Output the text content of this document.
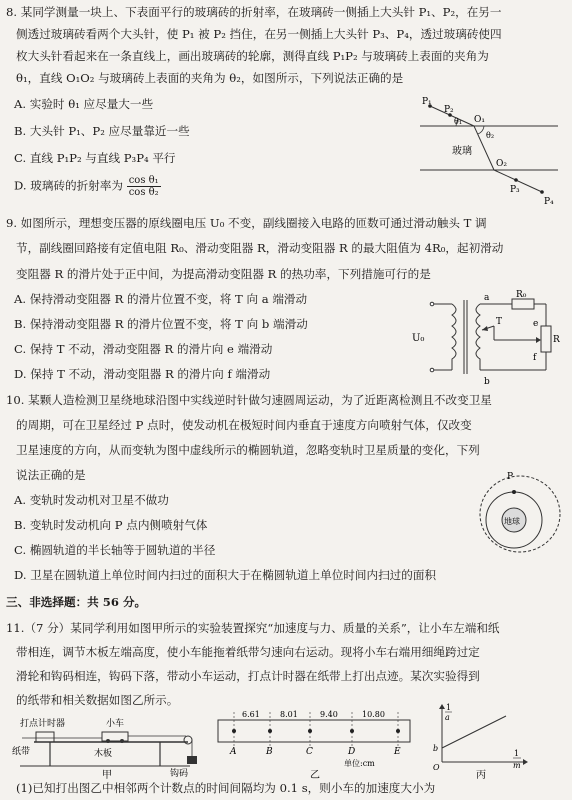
8. 某同学测量一块上、下表面平行的玻璃砖的折射率，在玻璃砖一侧插上大头针 P₁、P₂，在另一
侧透过玻璃砖看两个大头针，使 P₁ 被 P₂ 挡住，在另一侧插上大头针 P₃、P₄，透过玻璃砖使四
枚大头针看起来在一条直线上，画出玻璃砖的轮廓，测得直线 P₁P₂ 与玻璃砖上表面的夹角为
θ₁，直线 O₁O₂ 与玻璃砖上表面的夹角为 θ₂，如图所示，下列说法正确的是
A. 实验时 θ₁ 应尽量大一些
B. 大头针 P₁、P₂ 应尽量靠近一些
C. 直线 P₁P₂ 与直线 P₃P₄ 平行
D. 玻璃砖的折射率为 $\frac{\text{cos θ₁}}{\text{cos θ₂}}$
P₁
P₂
θ₁ O₁
θ₂
玻璃
O₂
P₃
P₄
9. 如图所示，理想变压器的原线圈电压 U₀ 不变，副线圈接入电路的匝数可通过滑动触头 T 调
节，副线圈回路接有定值电阻 R₀、滑动变阻器 R，滑动变阻器 R 的最大阻值为 4R₀，起初滑动
变阻器 R 的滑片处于正中间，为提高滑动变阻器 R 的热功率，下列措施可行的是
A. 保持滑动变阻器 R 的滑片位置不变，将 T 向 a 端滑动
B. 保持滑动变阻器 R 的滑片位置不变，将 T 向 b 端滑动
C. 保持 T 不动，滑动变阻器 R 的滑片向 e 端滑动
D. 保持 T 不动，滑动变阻器 R 的滑片向 f 端滑动
U₀
a
b
T
R₀
e
f
R
10. 某颗人造检测卫星绕地球沿图中实线逆时针做匀速圆周运动，为了近距离检测且不改变卫星
的周期，可在卫星经过 P 点时，使发动机在极短时间内垂直于速度方向喷射气体，仅改变
卫星速度的方向，从而变轨为图中虚线所示的椭圆轨道，忽略变轨时卫星质量的变化，下列
说法正确的是
A. 变轨时发动机对卫星不做功
B. 变轨时发动机向 P 点内侧喷射气体
C. 椭圆轨道的半长轴等于圆轨道的半径
D. 卫星在圆轨道上单位时间内扫过的面积大于在椭圆轨道上单位时间内扫过的面积
P
地球
三、非选择题：共 56 分。
11.（7 分）某同学利用如图甲所示的实验装置探究“加速度与力、质量的关系”，让小车左端和纸
带相连，调节木板左端高度，使小车能拖着纸带匀速向右运动。现将小车右端用细绳跨过定
滑轮和钩码相连，钩码下落，带动小车运动，打点计时器在纸带上打出点迹。某次实验得到
的纸带和相关数据如图乙所示。
打点计时器	小车
纸带	木板
钩码
甲
6.61	8.01	9.40	10.80
A	B	C	D	E
单位:cm
乙
1
a
1
m
O
b
丙
(1)已知打出图乙中相邻两个计数点的时间间隔均为 0.1 s，则小车的加速度大小为
